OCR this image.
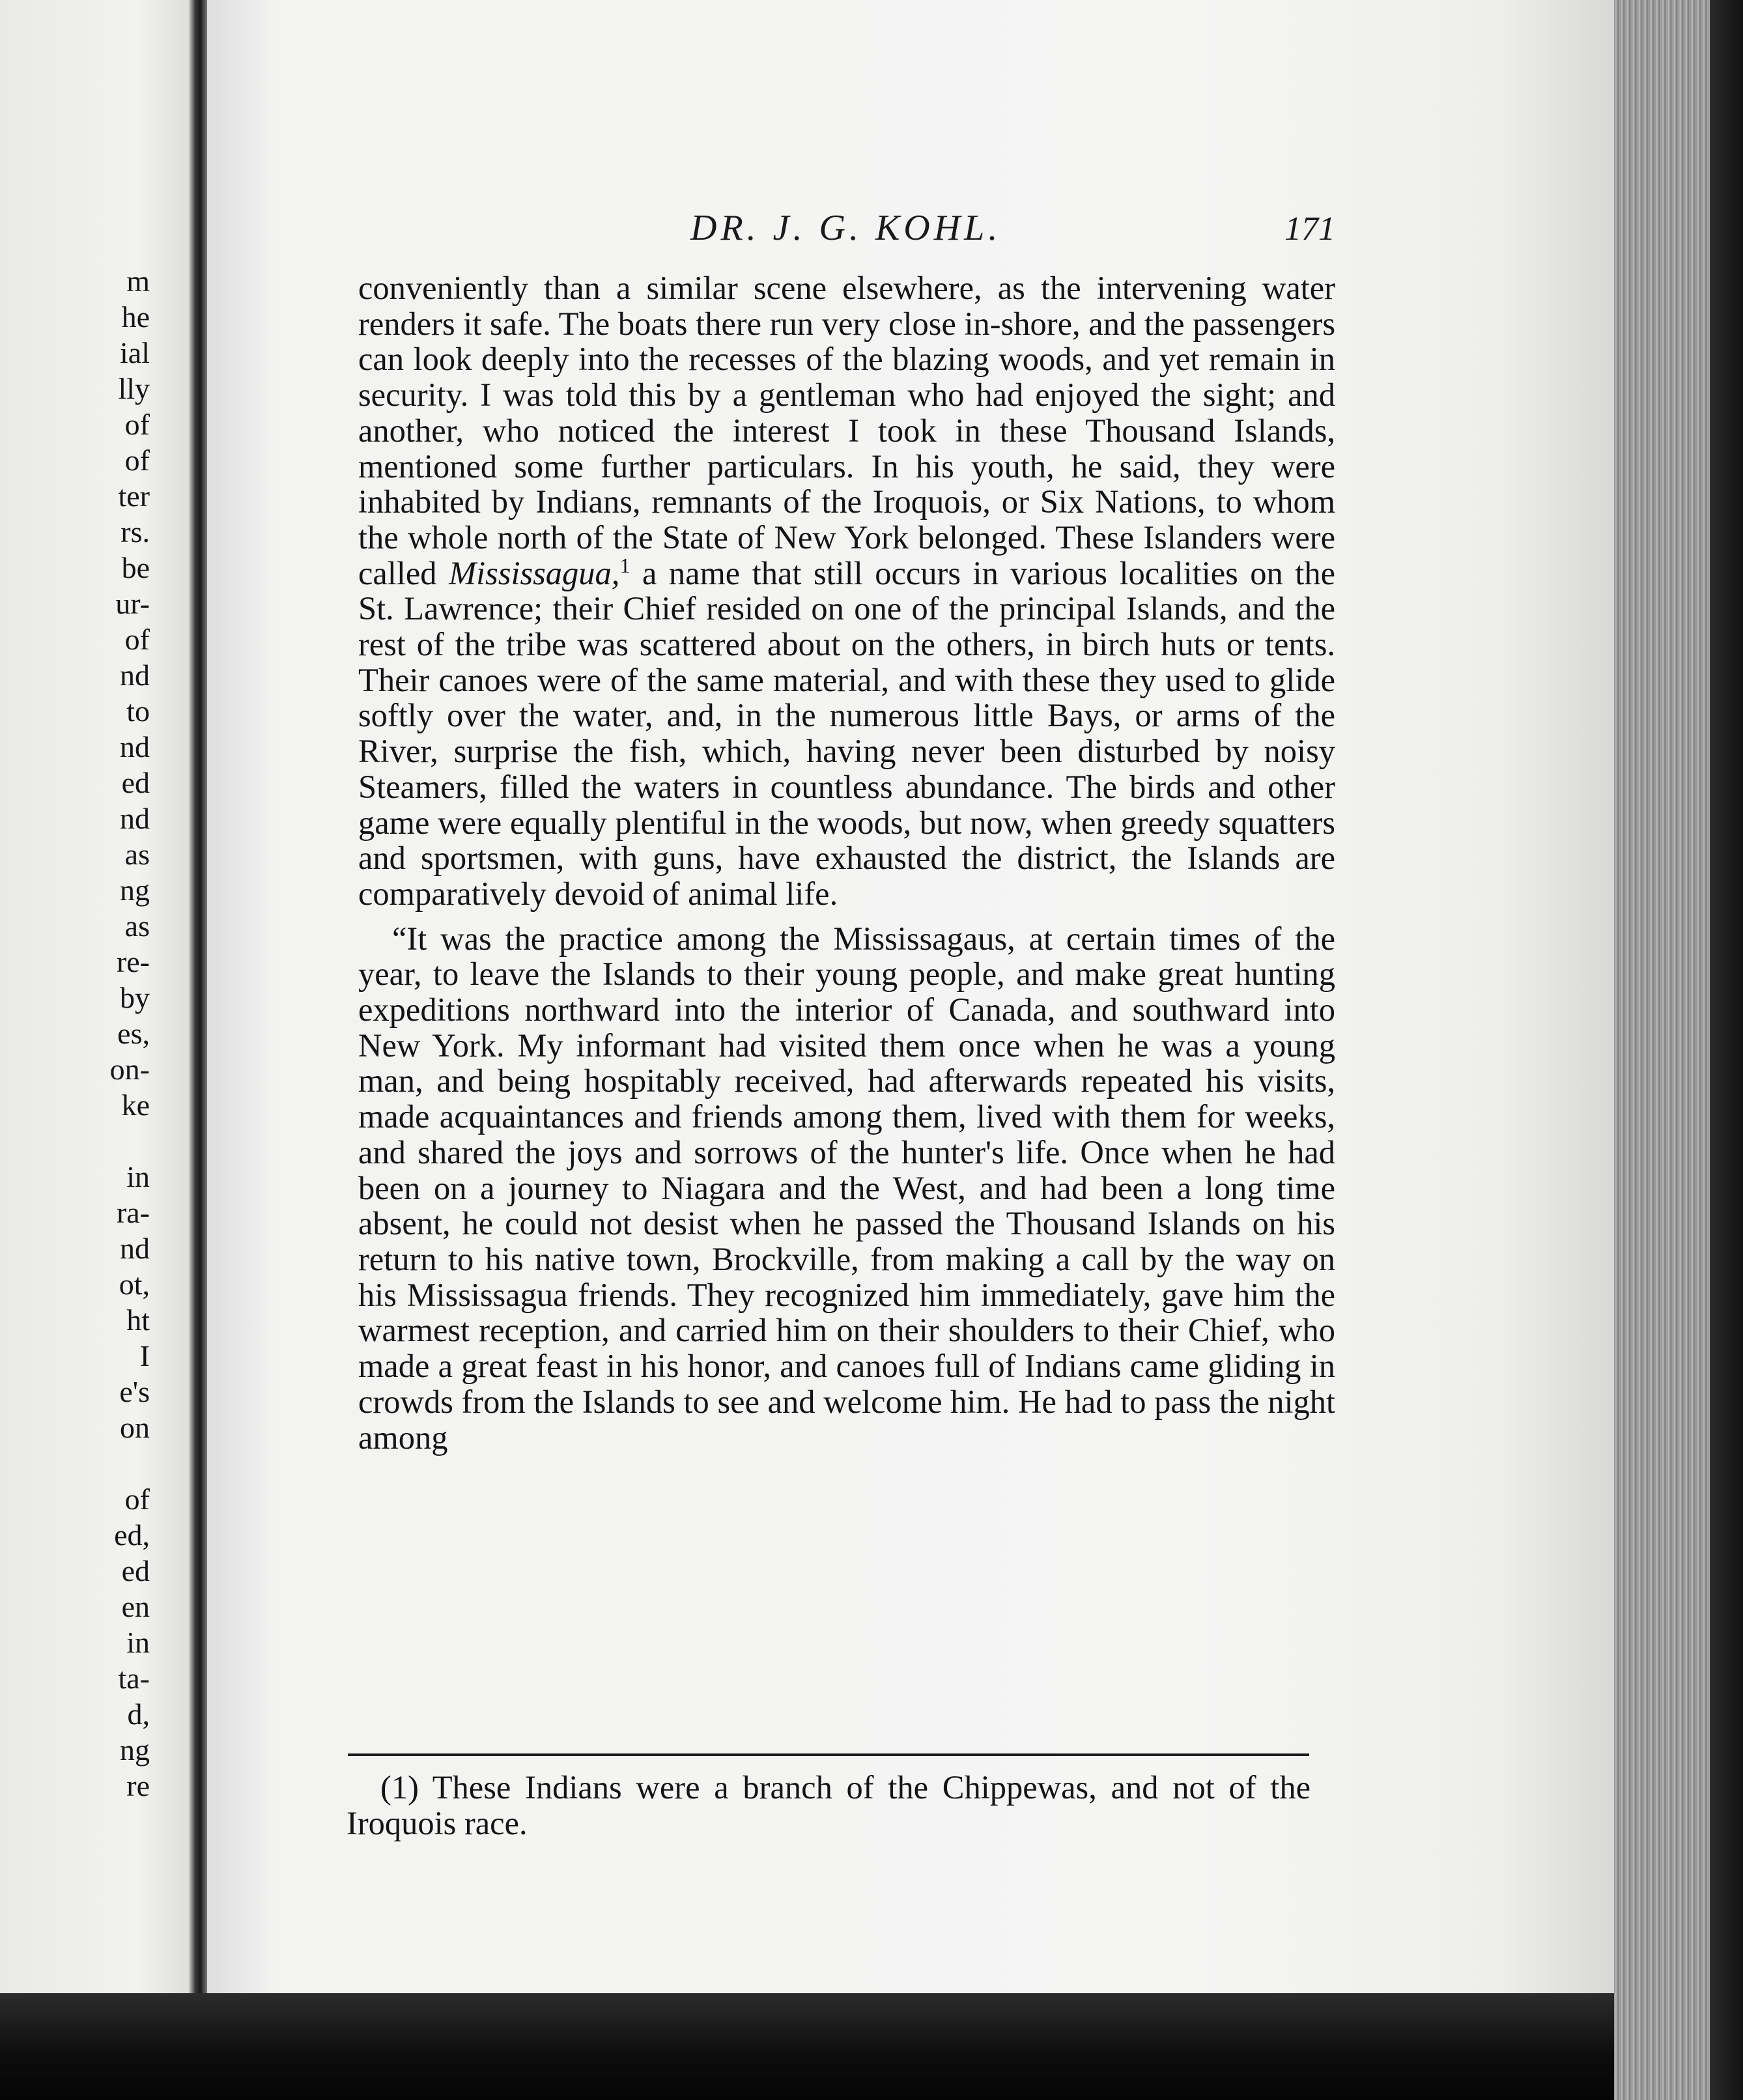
m
he
ial
lly
of
of
ter
rs.
be
ur-
of
nd
to
nd
ed
nd
as
ng
as
re-
by
es,
on-
ke
in
ra-
nd
ot,
ht
I
e's
on
of
ed,
ed
en
in
ta-
d,
ng
re
DR. J. G. KOHL.	171

conveniently than a similar scene elsewhere, as the intervening water renders it safe. The boats there run very close in-shore, and the passengers can look deeply into the recesses of the blazing woods, and yet remain in security. I was told this by a gentleman who had enjoyed the sight; and another, who noticed the interest I took in these Thousand Islands, mentioned some further particulars. In his youth, he said, they were inhabited by Indians, remnants of the Iroquois, or Six Nations, to whom the whole north of the State of New York belonged. These Islanders were called Mississagua,$^1$ a name that still occurs in various localities on the St. Lawrence; their Chief resided on one of the principal Islands, and the rest of the tribe was scattered about on the others, in birch huts or tents. Their canoes were of the same material, and with these they used to glide softly over the water, and, in the numerous little Bays, or arms of the River, surprise the fish, which, having never been disturbed by noisy Steamers, filled the waters in countless abundance. The birds and other game were equally plentiful in the woods, but now, when greedy squatters and sportsmen, with guns, have exhausted the district, the Islands are comparatively devoid of animal life.

“It was the practice among the Mississagaus, at certain times of the year, to leave the Islands to their young people, and make great hunting expeditions northward into the interior of Canada, and southward into New York. My informant had visited them once when he was a young man, and being hospitably received, had afterwards repeated his visits, made acquaintances and friends among them, lived with them for weeks, and shared the joys and sorrows of the hunter's life. Once when he had been on a journey to Niagara and the West, and had been a long time absent, he could not desist when he passed the Thousand Islands on his return to his native town, Brockville, from making a call by the way on his Mississagua friends. They recognized him immediately, gave him the warmest reception, and carried him on their shoulders to their Chief, who made a great feast in his honor, and canoes full of Indians came gliding in crowds from the Islands to see and welcome him. He had to pass the night among

(1) These Indians were a branch of the Chippewas, and not of the Iroquois race.
